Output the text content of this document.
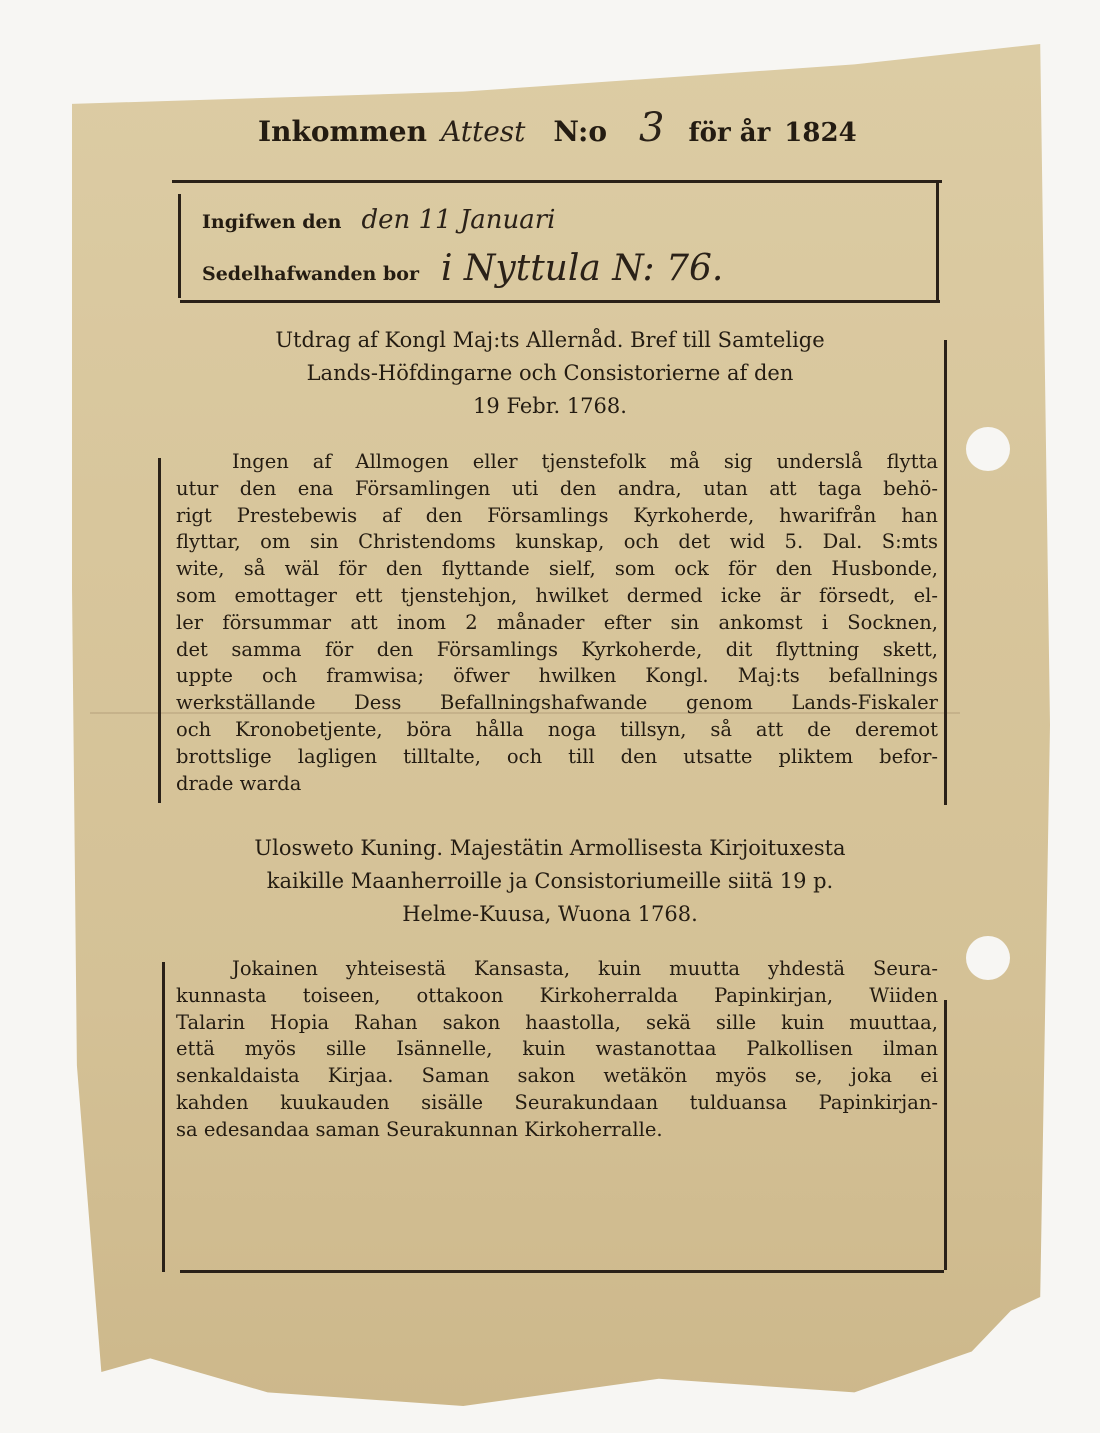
Inkommen Attest N:o 3 för år 1824
Ingifwen den den 11 Januari
Sedelhafwanden bor i Nyttula N: 76.
Utdrag af Kongl Maj:ts Allernåd. Bref till Samtelige
Lands-Höfdingarne och Consistorierne af den
19 Febr. 1768.
Ingen af Allmogen eller tjenstefolk må sig underslå flytta
utur den ena Församlingen uti den andra, utan att taga behö-
rigt Prestebewis af den Församlings Kyrkoherde, hwarifrån han
flyttar, om sin Christendoms kunskap, och det wid 5. Dal. S:mts
wite, så wäl för den flyttande sielf, som ock för den Husbonde,
som emottager ett tjenstehjon, hwilket dermed icke är försedt, el-
ler försummar att inom 2 månader efter sin ankomst i Socknen,
det samma för den Församlings Kyrkoherde, dit flyttning skett,
uppte och framwisa; öfwer hwilken Kongl. Maj:ts befallnings
werkställande Dess Befallningshafwande genom Lands-Fiskaler
och Kronobetjente, böra hålla noga tillsyn, så att de deremot
brottslige lagligen tilltalte, och till den utsatte pliktem befor-
drade warda
Ulosweto Kuning. Majestätin Armollisesta Kirjoituxesta
kaikille Maanherroille ja Consistoriumeille siitä 19 p.
Helme-Kuusa, Wuona 1768.
Jokainen yhteisestä Kansasta, kuin muutta yhdestä Seura-
kunnasta toiseen, ottakoon Kirkoherralda Papinkirjan, Wiiden
Talarin Hopia Rahan sakon haastolla, sekä sille kuin muuttaa,
että myös sille Isännelle, kuin wastanottaa Palkollisen ilman
senkaldaista Kirjaa. Saman sakon wetäkön myös se, joka ei
kahden kuukauden sisälle Seurakundaan tulduansa Papinkirjan-
sa edesandaa saman Seurakunnan Kirkoherralle.
